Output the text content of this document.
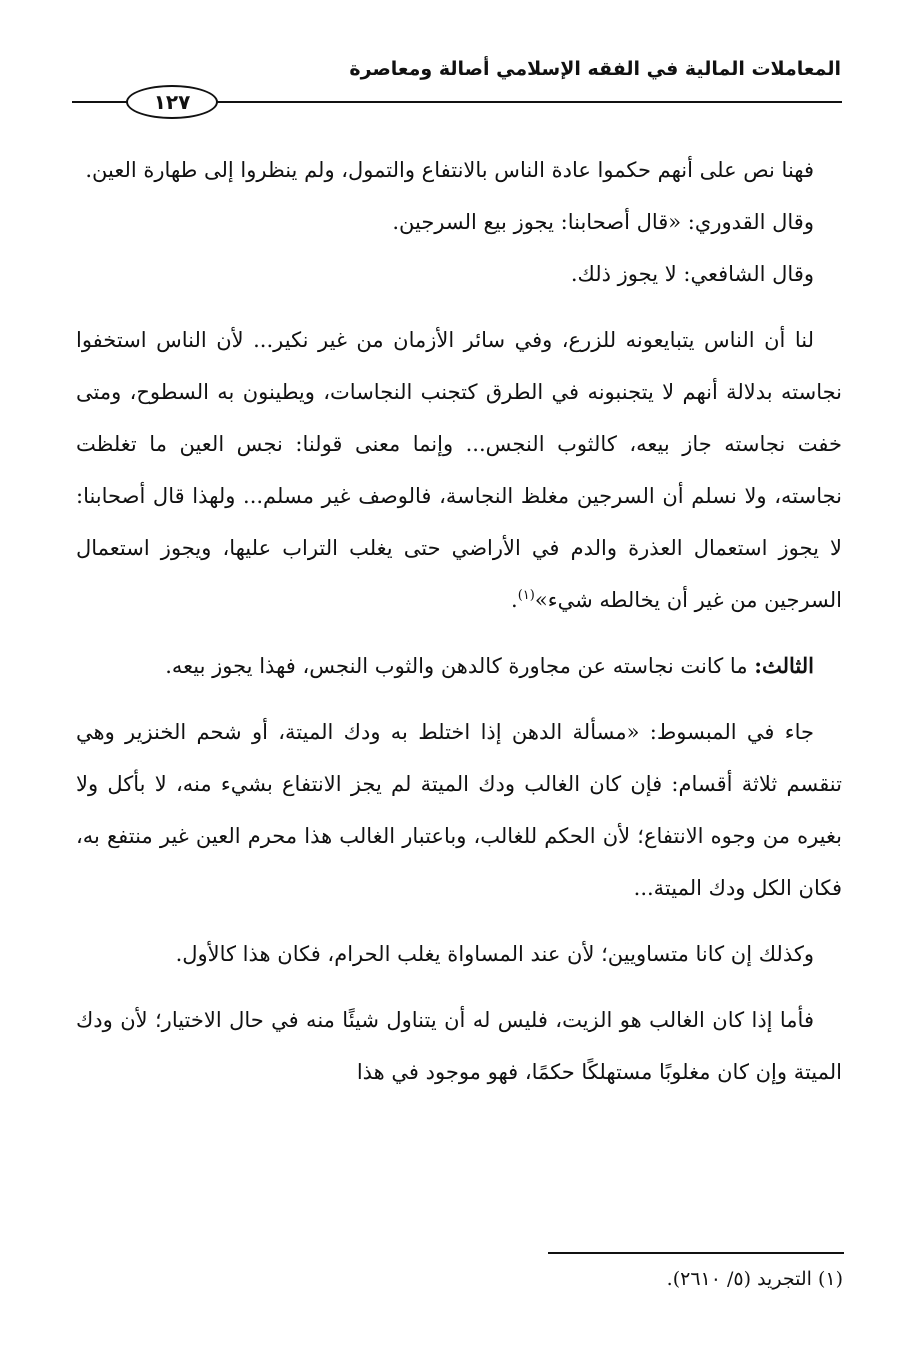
المعاملات المالية في الفقه الإسلامي أصالة ومعاصرة
١٢٧

فهنا نص على أنهم حكموا عادة الناس بالانتفاع والتمول، ولم ينظروا إلى طهارة العين.

وقال القدوري: «قال أصحابنا: يجوز بيع السرجين.

وقال الشافعي: لا يجوز ذلك.

لنا أن الناس يتبايعونه للزرع، وفي سائر الأزمان من غير نكير... لأن الناس استخفوا نجاسته بدلالة أنهم لا يتجنبونه في الطرق كتجنب النجاسات، ويطينون به السطوح، ومتى خفت نجاسته جاز بيعه، كالثوب النجس... وإنما معنى قولنا: نجس العين ما تغلظت نجاسته، ولا نسلم أن السرجين مغلظ النجاسة، فالوصف غير مسلم... ولهذا قال أصحابنا: لا يجوز استعمال العذرة والدم في الأراضي حتى يغلب التراب عليها، ويجوز استعمال السرجين من غير أن يخالطه شيء»$^{(١)}$.

الثالث: ما كانت نجاسته عن مجاورة كالدهن والثوب النجس، فهذا يجوز بيعه.

جاء في المبسوط: «مسألة الدهن إذا اختلط به ودك الميتة، أو شحم الخنزير وهي تنقسم ثلاثة أقسام: فإن كان الغالب ودك الميتة لم يجز الانتفاع بشيء منه، لا بأكل ولا بغيره من وجوه الانتفاع؛ لأن الحكم للغالب، وباعتبار الغالب هذا محرم العين غير منتفع به، فكان الكل ودك الميتة...

وكذلك إن كانا متساويين؛ لأن عند المساواة يغلب الحرام، فكان هذا كالأول.

فأما إذا كان الغالب هو الزيت، فليس له أن يتناول شيئًا منه في حال الاختيار؛ لأن ودك الميتة وإن كان مغلوبًا مستهلكًا حكمًا، فهو موجود في هذا

(١) التجريد (٥/ ٢٦١٠).
